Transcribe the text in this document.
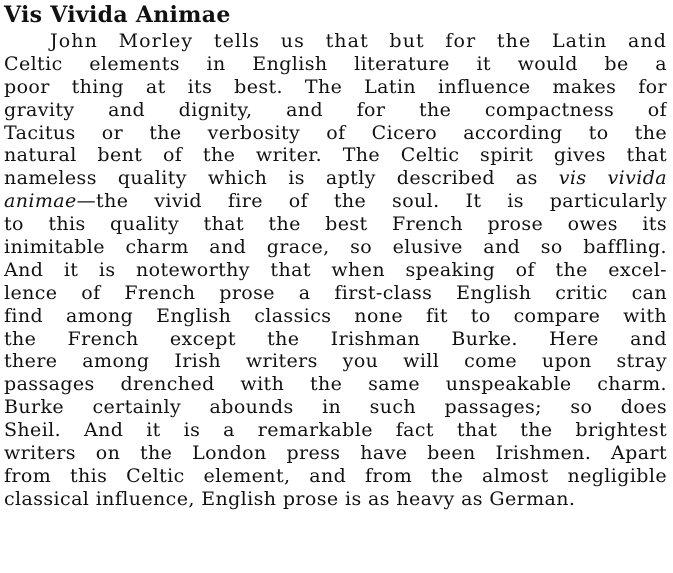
Vis Vivida Animae
John Morley tells us that but for the Latin and
Celtic elements in English literature it would be a
poor thing at its best. The Latin influence makes for
gravity and dignity, and for the compactness of
Tacitus or the verbosity of Cicero according to the
natural bent of the writer. The Celtic spirit gives that
nameless quality which is aptly described as vis vivida
animae—the vivid fire of the soul. It is particularly
to this quality that the best French prose owes its
inimitable charm and grace, so elusive and so baffling.
And it is noteworthy that when speaking of the excel-
lence of French prose a first-class English critic can
find among English classics none fit to compare with
the French except the Irishman Burke. Here and
there among Irish writers you will come upon stray
passages drenched with the same unspeakable charm.
Burke certainly abounds in such passages; so does
Sheil. And it is a remarkable fact that the brightest
writers on the London press have been Irishmen. Apart
from this Celtic element, and from the almost negligible
classical influence, English prose is as heavy as German.
